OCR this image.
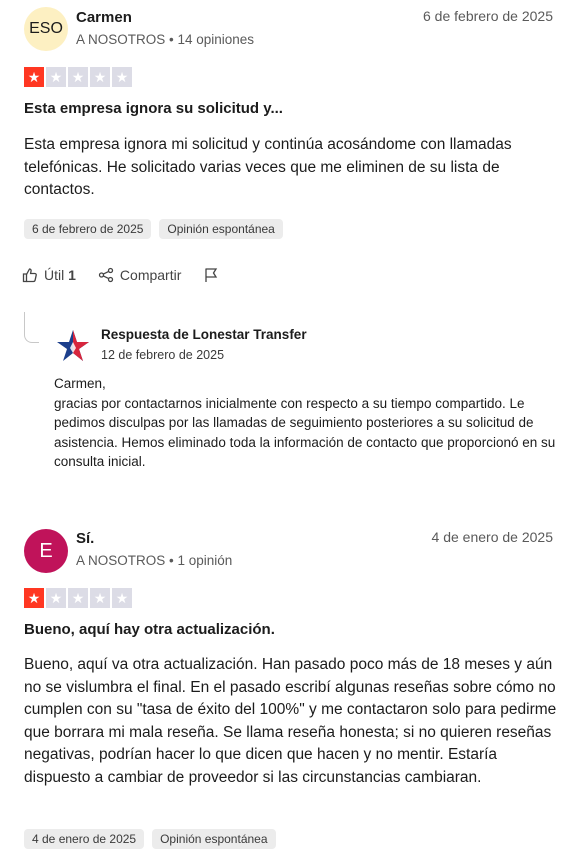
ESO
Carmen
A NOSOTROS • 14 opiniones
6 de febrero de 2025
★ ★ ★ ★ ★
Esta empresa ignora su solicitud y...
Esta empresa ignora mi solicitud y continúa acosándome con llamadas telefónicas. He solicitado varias veces que me eliminen de su lista de contactos.
6 de febrero de 2025	Opinión espontánea
Útil 1	Compartir
Respuesta de Lonestar Transfer
12 de febrero de 2025
Carmen,
gracias por contactarnos inicialmente con respecto a su tiempo compartido. Le pedimos disculpas por las llamadas de seguimiento posteriores a su solicitud de asistencia. Hemos eliminado toda la información de contacto que proporcionó en su consulta inicial.
E
Sí.
A NOSOTROS • 1 opinión
4 de enero de 2025
★ ★ ★ ★ ★
Bueno, aquí hay otra actualización.
Bueno, aquí va otra actualización. Han pasado poco más de 18 meses y aún no se vislumbra el final. En el pasado escribí algunas reseñas sobre cómo no cumplen con su "tasa de éxito del 100%" y me contactaron solo para pedirme que borrara mi mala reseña. Se llama reseña honesta; si no quieren reseñas negativas, podrían hacer lo que dicen que hacen y no mentir. Estaría dispuesto a cambiar de proveedor si las circunstancias cambiaran.
4 de enero de 2025	Opinión espontánea
